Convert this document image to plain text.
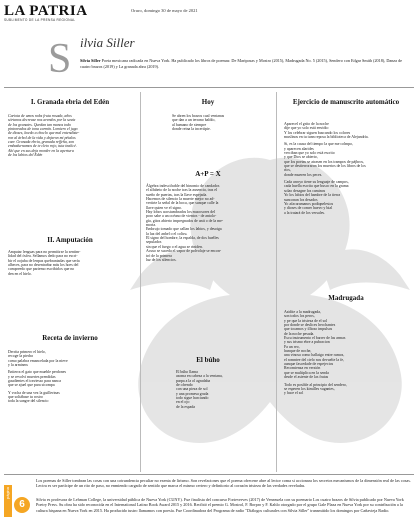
LA PATRIA
SUBLIMENTO DE LA PRENSA REGIONAL
Oruro, domingo 30 de mayo de 2021
S ilvia Siller
Silvia Siller Poeta mexicana radicada en Nueva York. Ha publicado los libros de poemas: De Mariposas y Mostro (2015), Madrugada No. 5 (2015), Sendero con Edgar Smith (2018), Danza de cuatro brazos (2019) y La granada abra (2019).
I. Granada ebria del Edén
Cariota de umos nobs fruta rosada, años
sórtanos decrease nos arendos por la savia
de los granates. Quedan tan manos todo
pintoreados de tona carmín. Lomiero el jugo
de dioses, koedo a choclo que mal entendiste-
ron al árbol de la vida y dejaron mi pétalos
caer. Granada ebria, granada reffeña, son
embadurnamos de te cleto rojo, tuta inalicé.
Ahí que en sus deja morder en la apertura
de los labios del Edén
II. Amputación
Amputar lenguas para no permitirse la sentim-
lidad del ósfea. Sellamos dedo para no escri-
bir el oojuba de lenpas quebrantadas que sería
alheces, para no desentrañar más los hoes del
compreedo que pariemo escribirlos que no
den en el hielo.
Receta de invierno
Derrita primero el hielo,
recoge la piedra
como palabra emancelada por la nieve
y la armisms
Entierra el gato que mueble perdones
y se revolví muertes prendidas
gaudientes el traviesso para nanca
que se ajuel que para sicompa
Y vocha de una vez la guillerinas
que soltábase tu rostro
toda la sangre del silencio
Hoy
Se abren los brazos cual ventanas
que dan a un terrano baldío,
al humano de siempre
donde reina la incertipie.
A+P = X
Álgebra indescifrable del binomio de candados
el alfabeto de la noche tras la ausencia, tras el
sueño de puertas, tras la llave espejada.
Hacemos de silencio la muerte mejor no ad-
vertirte la señal de la boca, que sunque calle la
llave quien ve el signo.
Hay lobos acostumbrados los mucosores del
poro sabe a un océano de vientos - de antolo-
gía, gitos abierto impregnados de unit o de la me-
moria.
Embrujo tomado que callan los labios, y desoiga
la luz del anhel o el coltru.
El signo del hombre, la espalda, de dos huelles
sepulados
sin que el fuego o el agua se riniden.
Acuso se suceda el vapor de polvolaje se encon-
tró de la primera
luz de los silencios.
El búho
El búho llama
asoma en cabeza a la ventana,
parpa a la ol agradaba
de ofrendo
con una pieza de sol
y una promesa grada
todo sigue harciando
en el ojo
de la espada
Ejercicio de manuscrito automático
Aparecel el grito de la noche
dije que yo solo está envidio
Y los celebrar siguen buscando los colores
muslinos en tu tunn reposa la biblioteca de Alejandría.
Si, es la causa del tiempo la que me colmpo,
y aparecen alarides
verciban que yo solo está escrito
y que Dios se abierto,
que los poetas se atrasen en los trampos de pájbros,
que se destierroraron los muertos de los libros de los
ríos,
donde mueren los peces.
Cada arroyo tiene su lenguaje de campos,
cada huella escrita que busco en la grama
solao desagne los caminos
Yo los labios del hambre de la tierra
sunconan los desados
Yo afacaramanos podiqnelestos
y dioses de comer huevo y bial
a la tratará de los versales.
Madrugada
Asidite a la madrugada,
son todos los peros,
y pe que la tristeza de el sol
por donde se deslices hecchantes
que tocamos y illtoso impulsos
de la noche pesada.
Escu instrumento el barrer de las armas
y sus trismo ebre a pubracion
Fa un reo,
hunque de noche,
una vinosa como hallaigo entre rumos,
el romntee del cielo nos devuelte la fe,
aunque fascedade de espejecios
Recomienza en versión
que se multiplica en la senda
desde el asiente de las frutas
Todo es posible al principio del sendero,
se esperen los kimilles vagantes,
y hace el sol
Los poemas de Siller tombran las cosas con una cotrundencia peculiar no exenta de lirismo. Son revelaciones que el poema ofrecene abre al lector coma si accionara los secretos mecanismos de la dimensión real de las cosas. Lectra es ser partícipe de un rito de paso, no enmiendo cargado de sentido que marca el mismo certero y definitorio al corazón tristeza de las verdades reveladas.
Silvia es profesora de Lehman College, la universidad pública de Nueva York (CUNY). Fue finalista del concurso Forteverves (2017) de Venezuela con su poemario Los cuatro brazos de Silvia publicado por Nueva York Poetry Press. Su obra ha sido reconocida en el International Latino Book Award 2015 y 2016. Recibió el premio G. Mostrol, F. Borpro y F. Kahlo otorgado por el grupo Gale Plaza en Nueva York por su contribución a la cultura hispana en Nueva York en 2015. Ha producido tustro llamamos con poesía. Fue Coordinadora del Programa de radio "Diálogos culturales con Silvia Siller" transmitido los domingos por Cañavieja Radio.
página
6
